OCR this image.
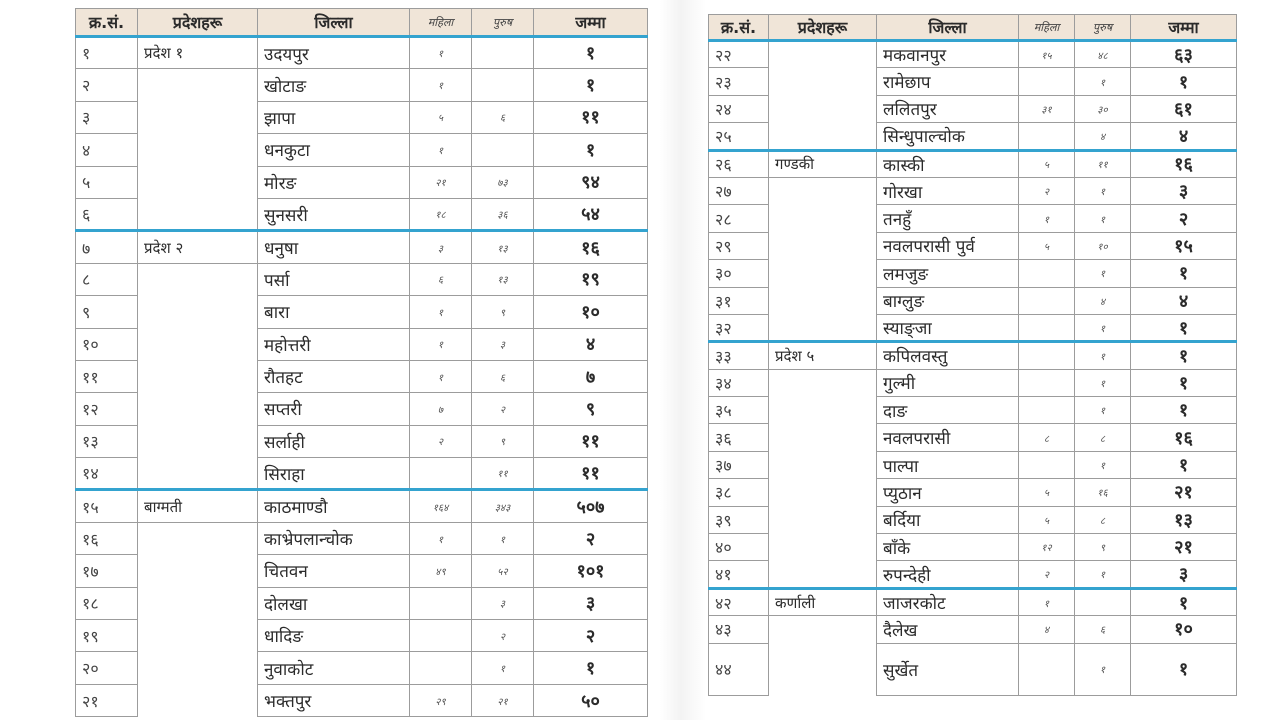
क्र.सं.	प्रदेशहरू	जिल्ला	महिला	पुरुष	जम्मा
१	प्रदेश १	उदयपुर	१		१
२		खोटाङ	१		१
३		झापा	५	६	११
४		धनकुटा	१		१
५		मोरङ	२१	७३	९४
६		सुनसरी	१८	३६	५४
७	प्रदेश २	धनुषा	३	१३	१६
८		पर्सा	६	१३	१९
९		बारा	१	९	१०
१०		महोत्तरी	१	३	४
११		रौतहट	१	६	७
१२		सप्तरी	७	२	९
१३		सर्लाही	२	९	११
१४		सिराहा		११	११
१५	बाग्मती	काठमाण्डौ	१६४	३४३	५०७
१६		काभ्रेपलान्चोक	१	१	२
१७		चितवन	४९	५२	१०१
१८		दोलखा		३	३
१९		धादिङ		२	२
२०		नुवाकोट		१	१
२१		भक्तपुर	२९	२१	५०
क्र.सं.	प्रदेशहरू	जिल्ला	महिला	पुरुष	जम्मा
२२		मकवानपुर	१५	४८	६३
२३		रामेछाप		१	१
२४		ललितपुर	३१	३०	६१
२५		सिन्धुपाल्चोक		४	४
२६	गण्डकी	कास्की	५	११	१६
२७		गोरखा	२	१	३
२८		तनहुँ	१	१	२
२९		नवलपरासी पुर्व	५	१०	१५
३०		लमजुङ		१	१
३१		बाग्लुङ		४	४
३२		स्याङ्जा		१	१
३३	प्रदेश ५	कपिलवस्तु		१	१
३४		गुल्मी		१	१
३५		दाङ		१	१
३६		नवलपरासी	८	८	१६
३७		पाल्पा		१	१
३८		प्युठान	५	१६	२१
३९		बर्दिया	५	८	१३
४०		बाँके	१२	९	२१
४१		रुपन्देही	२	१	३
४२	कर्णाली	जाजरकोट	१		१
४३		दैलेख	४	६	१०
४४		सुर्खेत		१	१
